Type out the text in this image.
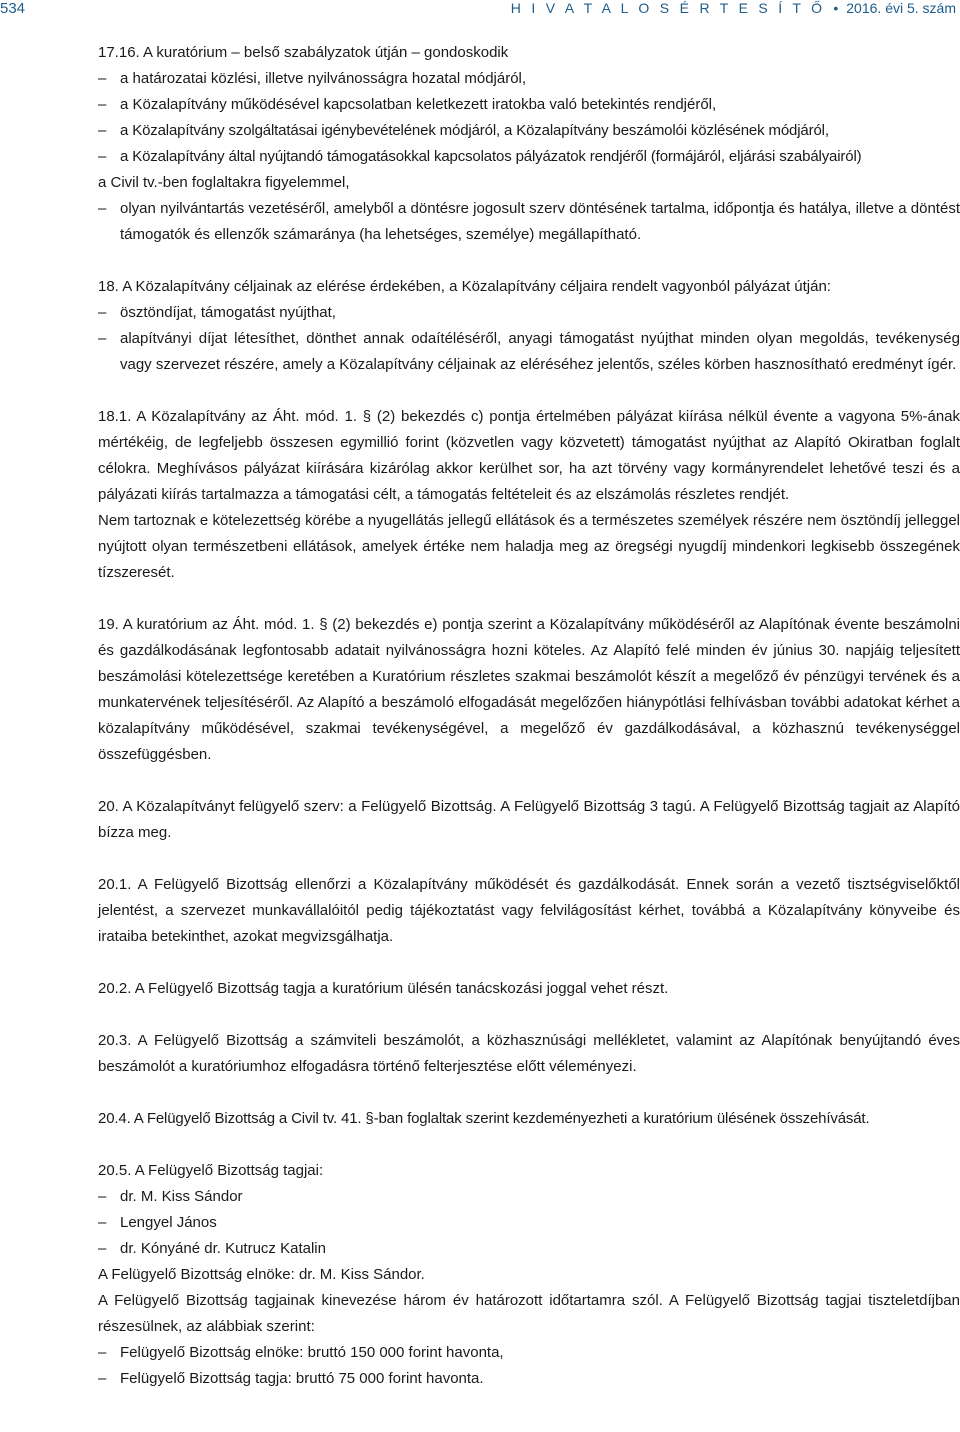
534	H I V A T A L O S É R T E S Í T Ő • 2016. évi 5. szám

17.16. A kuratórium – belső szabályzatok útján – gondoskodik

– a határozatai közlési, illetve nyilvánosságra hozatal módjáról,
– a Közalapítvány működésével kapcsolatban keletkezett iratokba való betekintés rendjéről,
– a Közalapítvány szolgáltatásai igénybevételének módjáról, a Közalapítvány beszámolói közlésének módjáról,
– a Közalapítvány által nyújtandó támogatásokkal kapcsolatos pályázatok rendjéről (formájáról, eljárási szabályairól)

a Civil tv.-ben foglaltakra figyelemmel,

– olyan nyilvántartás vezetéséről, amelyből a döntésre jogosult szerv döntésének tartalma, időpontja és hatálya, illetve a döntést támogatók és ellenzők számaránya (ha lehetséges, személye) megállapítható.

18. A Közalapítvány céljainak az elérése érdekében, a Közalapítvány céljaira rendelt vagyonból pályázat útján:

– ösztöndíjat, támogatást nyújthat,
– alapítványi díjat létesíthet, dönthet annak odaítéléséről, anyagi támogatást nyújthat minden olyan megoldás, tevékenység vagy szervezet részére, amely a Közalapítvány céljainak az eléréséhez jelentős, széles körben hasznosítható eredményt ígér.

18.1. A Közalapítvány az Áht. mód. 1. § (2) bekezdés c) pontja értelmében pályázat kiírása nélkül évente a vagyona 5%-ának mértékéig, de legfeljebb összesen egymillió forint (közvetlen vagy közvetett) támogatást nyújthat az Alapító Okiratban foglalt célokra. Meghívásos pályázat kiírására kizárólag akkor kerülhet sor, ha azt törvény vagy kormányrendelet lehetővé teszi és a pályázati kiírás tartalmazza a támogatási célt, a támogatás feltételeit és az elszámolás részletes rendjét.

Nem tartoznak e kötelezettség körébe a nyugellátás jellegű ellátások és a természetes személyek részére nem ösztöndíj jelleggel nyújtott olyan természetbeni ellátások, amelyek értéke nem haladja meg az öregségi nyugdíj mindenkori legkisebb összegének tízszeresét.

19. A kuratórium az Áht. mód. 1. § (2) bekezdés e) pontja szerint a Közalapítvány működéséről az Alapítónak évente beszámolni és gazdálkodásának legfontosabb adatait nyilvánosságra hozni köteles. Az Alapító felé minden év június 30. napjáig teljesített beszámolási kötelezettsége keretében a Kuratórium részletes szakmai beszámolót készít a megelőző év pénzügyi tervének és a munkatervének teljesítéséről. Az Alapító a beszámoló elfogadását megelőzően hiánypótlási felhívásban további adatokat kérhet a közalapítvány működésével, szakmai tevékenységével, a megelőző év gazdálkodásával, a közhasznú tevékenységgel összefüggésben.

20. A Közalapítványt felügyelő szerv: a Felügyelő Bizottság. A Felügyelő Bizottság 3 tagú. A Felügyelő Bizottság tagjait az Alapító bízza meg.

20.1. A Felügyelő Bizottság ellenőrzi a Közalapítvány működését és gazdálkodását. Ennek során a vezető tisztségviselőktől jelentést, a szervezet munkavállalóitól pedig tájékoztatást vagy felvilágosítást kérhet, továbbá a Közalapítvány könyveibe és irataiba betekinthet, azokat megvizsgálhatja.

20.2. A Felügyelő Bizottság tagja a kuratórium ülésén tanácskozási joggal vehet részt.

20.3. A Felügyelő Bizottság a számviteli beszámolót, a közhasznúsági mellékletet, valamint az Alapítónak benyújtandó éves beszámolót a kuratóriumhoz elfogadásra történő felterjesztése előtt véleményezi.

20.4. A Felügyelő Bizottság a Civil tv. 41. §-ban foglaltak szerint kezdeményezheti a kuratórium ülésének összehívását.

20.5. A Felügyelő Bizottság tagjai:

– dr. M. Kiss Sándor
– Lengyel János
– dr. Kónyáné dr. Kutrucz Katalin

A Felügyelő Bizottság elnöke: dr. M. Kiss Sándor.

A Felügyelő Bizottság tagjainak kinevezése három év határozott időtartamra szól. A Felügyelő Bizottság tagjai tiszteletdíjban részesülnek, az alábbiak szerint:

– Felügyelő Bizottság elnöke: bruttó 150 000 forint havonta,
– Felügyelő Bizottság tagja: bruttó 75 000 forint havonta.
